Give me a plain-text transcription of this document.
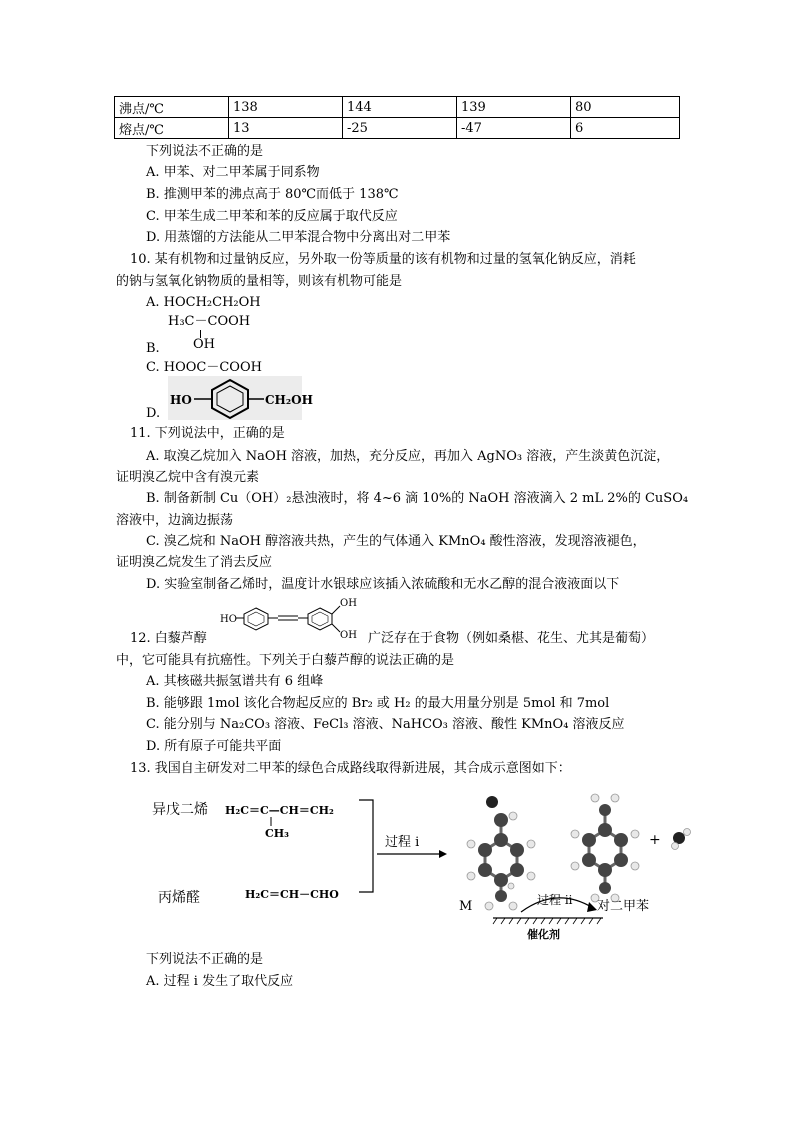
沸点/℃	138	144	139	80
熔点/℃	13	-25	-47	6
下列说法不正确的是
A. 甲苯、对二甲苯属于同系物
B. 推测甲苯的沸点高于 80℃而低于 138℃
C. 甲苯生成二甲苯和苯的反应属于取代反应
D. 用蒸馏的方法能从二甲苯混合物中分离出对二甲苯
10. 某有机物和过量钠反应，另外取一份等质量的该有机物和过量的氢氧化钠反应，消耗
的钠与氢氧化钠物质的量相等，则该有机物可能是
A. HOCH₂CH₂OH
H₃C－COOH
B.	OH
C. HOOC－COOH
D.
HO	CH₂OH
11. 下列说法中，正确的是
A. 取溴乙烷加入 NaOH 溶液，加热，充分反应，再加入 AgNO₃ 溶液，产生淡黄色沉淀，
证明溴乙烷中含有溴元素
B. 制备新制 Cu（OH）₂悬浊液时，将 4~6 滴 10%的 NaOH 溶液滴入 2 mL 2%的 CuSO₄
溶液中，边滴边振荡
C. 溴乙烷和 NaOH 醇溶液共热，产生的气体通入 KMnO₄ 酸性溶液，发现溶液褪色，
证明溴乙烷发生了消去反应
D. 实验室制备乙烯时，温度计水银球应该插入浓硫酸和无水乙醇的混合液液面以下
HO
OH
OH
12. 白藜芦醇	广泛存在于食物（例如桑椹、花生、尤其是葡萄）
中，它可能具有抗癌性。下列关于白藜芦醇的说法正确的是
A. 其核磁共振氢谱共有 6 组峰
B. 能够跟 1mol 该化合物起反应的 Br₂ 或 H₂ 的最大用量分别是 5mol 和 7mol
C. 能分别与 Na₂CO₃ 溶液、FeCl₃ 溶液、NaHCO₃ 溶液、酸性 KMnO₄ 溶液反应
D. 所有原子可能共平面
13. 我国自主研发对二甲苯的绿色合成路线取得新进展，其合成示意图如下：
异戊二烯 H₂C＝C—CH＝CH₂
CH₃
丙烯醛	H₂C＝CH－CHO
过程 i
M	过程 ii
催化剂
对二甲苯
+
下列说法不正确的是
A. 过程 i 发生了取代反应
